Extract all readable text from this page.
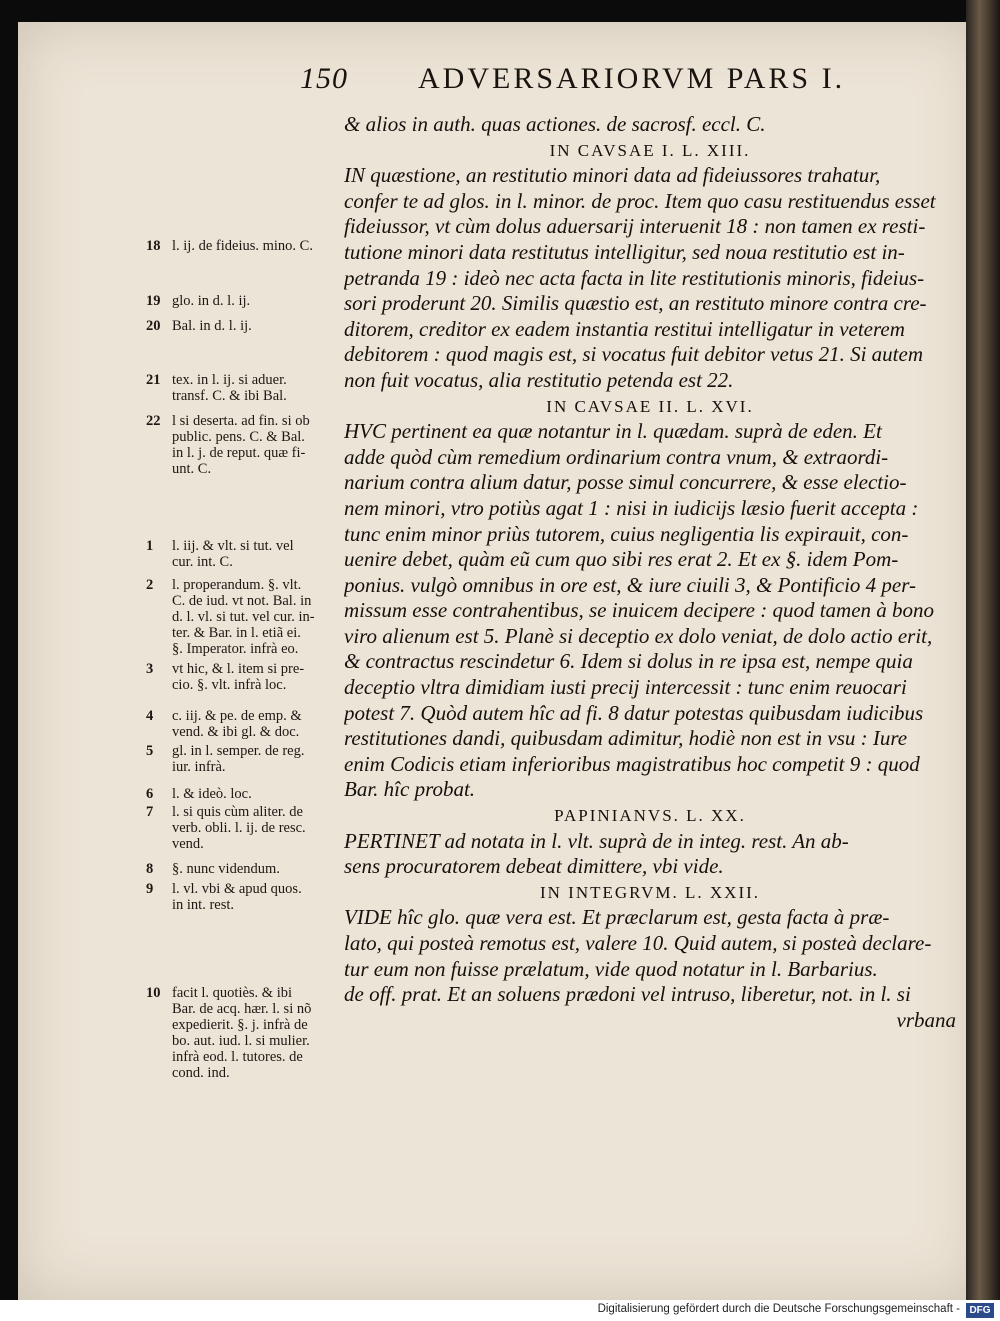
150 ADVERSARIORVM PARS I.
& alios in auth. quas actiones. de sacrosf. eccl. C.
IN CAVSAE I. L. XIII.
IN quæstione, an restitutio minori data ad fideiussores trahatur,
confer te ad glos. in l. minor. de proc. Item quo casu restituendus esset
fideiussor, vt cùm dolus aduersarij interuenit 18 : non tamen ex resti-
tutione minori data restitutus intelligitur, sed noua restitutio est in-
petranda 19 : ideò nec acta facta in lite restitutionis minoris, fideius-
sori proderunt 20. Similis quæstio est, an restituto minore contra cre-
ditorem, creditor ex eadem instantia restitui intelligatur in veterem
debitorem : quod magis est, si vocatus fuit debitor vetus 21. Si autem
non fuit vocatus, alia restitutio petenda est 22.
IN CAVSAE II. L. XVI.
HVC pertinent ea quæ notantur in l. quædam. suprà de eden. Et
adde quòd cùm remedium ordinarium contra vnum, & extraordi-
narium contra alium datur, posse simul concurrere, & esse electio-
nem minori, vtro potiùs agat 1 : nisi in iudicijs læsio fuerit accepta :
tunc enim minor priùs tutorem, cuius negligentia lis expirauit, con-
uenire debet, quàm eũ cum quo sibi res erat 2. Et ex §. idem Pom-
ponius. vulgò omnibus in ore est, & iure ciuili 3, & Pontificio 4 per-
missum esse contrahentibus, se inuicem decipere : quod tamen à bono
viro alienum est 5. Planè si deceptio ex dolo veniat, de dolo actio erit,
& contractus rescindetur 6. Idem si dolus in re ipsa est, nempe quia
deceptio vltra dimidiam iusti precij intercessit : tunc enim reuocari
potest 7. Quòd autem hîc ad fi. 8 datur potestas quibusdam iudicibus
restitutiones dandi, quibusdam adimitur, hodiè non est in vsu : Iure
enim Codicis etiam inferioribus magistratibus hoc competit 9 : quod
Bar. hîc probat.
PAPINIANVS. L. XX.
PERTINET ad notata in l. vlt. suprà de in integ. rest. An ab-
sens procuratorem debeat dimittere, vbi vide.
IN INTEGRVM. L. XXII.
VIDE hîc glo. quæ vera est. Et præclarum est, gesta facta à præ-
lato, qui posteà remotus est, valere 10. Quid autem, si posteà declare-
tur eum non fuisse prælatum, vide quod notatur in l. Barbarius.
de off. prat. Et an soluens prædoni vel intruso, liberetur, not. in l. si
vrbana
18 l. ij. de fideius. mino. C.
19 glo. in d. l. ij.
20 Bal. in d. l. ij.
21 tex. in l. ij. si aduer.
transf. C. & ibi Bal.
22 l si deserta. ad fin. si ob
public. pens. C. & Bal.
in l. j. de reput. quæ fi-
unt. C.
1	l. iij. & vlt. si tut. vel
cur. int. C.
2	l. properandum. §. vlt.
C. de iud. vt not. Bal. in
d. l. vl. si tut. vel cur. in-
ter. & Bar. in l. etiã ei.
§. Imperator. infrà eo.
3	vt hic, & l. item si pre-
cio. §. vlt. infrà loc.
4	c. iij. & pe. de emp. &
vend. & ibi gl. & doc.
5	gl. in l. semper. de reg.
iur. infrà.
6	l. & ideò. loc.
7	l. si quis cùm aliter. de
verb. obli. l. ij. de resc.
vend.
8	§. nunc videndum.
9	l. vl. vbi & apud quos.
in int. rest.
10 facit l. quotiès. & ibi
Bar. de acq. hær. l. si nõ
expedierit. §. j. infrà de
bo. aut. iud. l. si mulier.
infrà eod. l. tutores. de
cond. ind.
Digitalisierung gefördert durch die Deutsche Forschungsgemeinschaft - DFG
